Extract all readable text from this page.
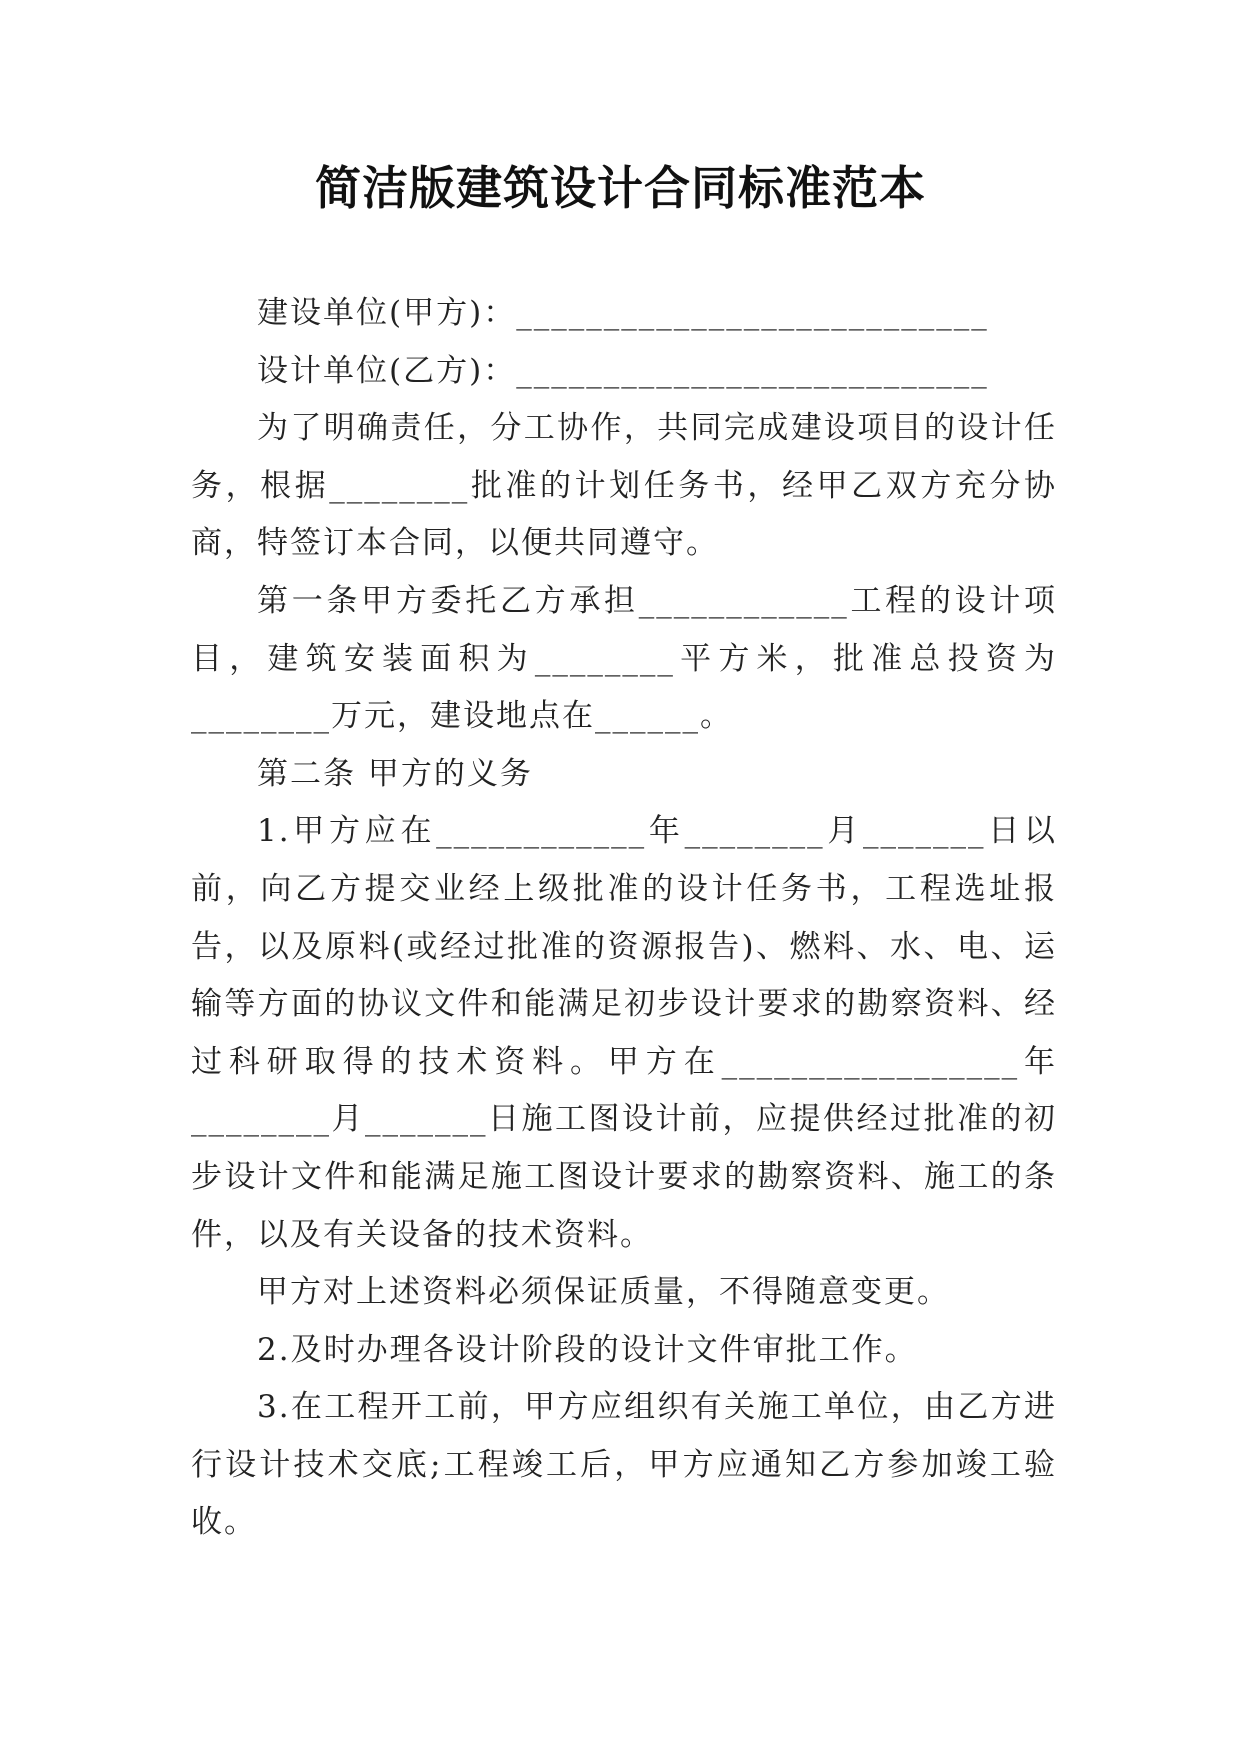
简洁版建筑设计合同标准范本

建设单位(甲方)：___________________________

设计单位(乙方)：___________________________

为了明确责任，分工协作，共同完成建设项目的设计任务，根据________批准的计划任务书，经甲乙双方充分协商，特签订本合同，以便共同遵守。

第一条甲方委托乙方承担____________工程的设计项目，建筑安装面积为________平方米，批准总投资为________万元，建设地点在______。

第二条 甲方的义务

1.甲方应在____________年________月_______日以前，向乙方提交业经上级批准的设计任务书，工程选址报告，以及原料(或经过批准的资源报告)、燃料、水、电、运输等方面的协议文件和能满足初步设计要求的勘察资料、经过科研取得的技术资料。甲方在_________________年________月_______日施工图设计前，应提供经过批准的初步设计文件和能满足施工图设计要求的勘察资料、施工的条件，以及有关设备的技术资料。

甲方对上述资料必须保证质量，不得随意变更。

2.及时办理各设计阶段的设计文件审批工作。

3.在工程开工前，甲方应组织有关施工单位，由乙方进行设计技术交底;工程竣工后，甲方应通知乙方参加竣工验收。
